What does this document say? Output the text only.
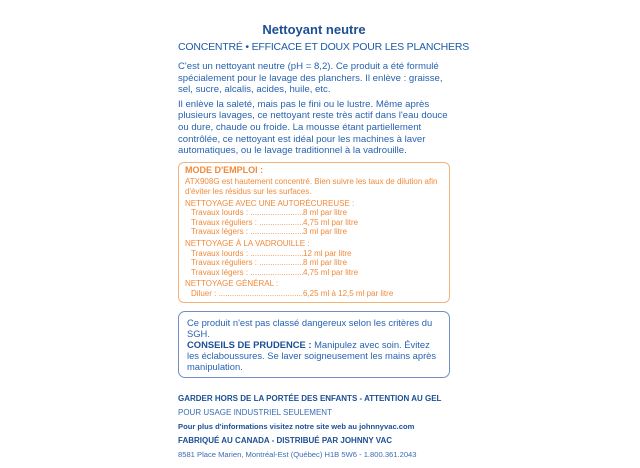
Nettoyant neutre
CONCENTRÉ • EFFICACE ET DOUX POUR LES PLANCHERS

C'est un nettoyant neutre (pH = 8,2). Ce produit a été formulé spécialement pour le lavage des planchers. Il enlève : graisse, sel, sucre, alcalis, acides, huile, etc.

Il enlève la saleté, mais pas le fini ou le lustre. Même après plusieurs lavages, ce nettoyant reste très actif dans l'eau douce ou dure, chaude ou froide. La mousse étant partiellement contrôlée, ce nettoyant est idéal pour les machines à laver automatiques, ou le lavage traditionnel à la vadrouille.

MODE D'EMPLOI :
ATX908G est hautement concentré. Bien suivre les taux de dilution afin d'éviter les résidus sur les surfaces.
NETTOYAGE AVEC UNE AUTORÉCUREUSE :
Travaux lourds : .....	8 ml par litre
Travaux réguliers : .....	4,75 ml par litre
Travaux légers : .....	3 ml par litre
NETTOYAGE À LA VADROUILLE :
Travaux lourds : .....	12 ml par litre
Travaux réguliers : .....	8 ml par litre
Travaux légers : .....	4,75 ml par litre
NETTOYAGE GÉNÉRAL :
Diluer : .....	6,25 ml à 12,5 ml par litre
Ce produit n'est pas classé dangereux selon les critères du SGH.
CONSEILS DE PRUDENCE : Manipulez avec soin. Évitez les éclaboussures. Se laver soigneusement les mains après manipulation.
GARDER HORS DE LA PORTÉE DES ENFANTS - ATTENTION AU GEL
POUR USAGE INDUSTRIEL SEULEMENT
Pour plus d'informations visitez notre site web au johnnyvac.com
FABRIQUÉ AU CANADA - DISTRIBUÉ PAR JOHNNY VAC
8581 Place Marien, Montréal-Est (Québec) H1B 5W6 - 1.800.361.2043
